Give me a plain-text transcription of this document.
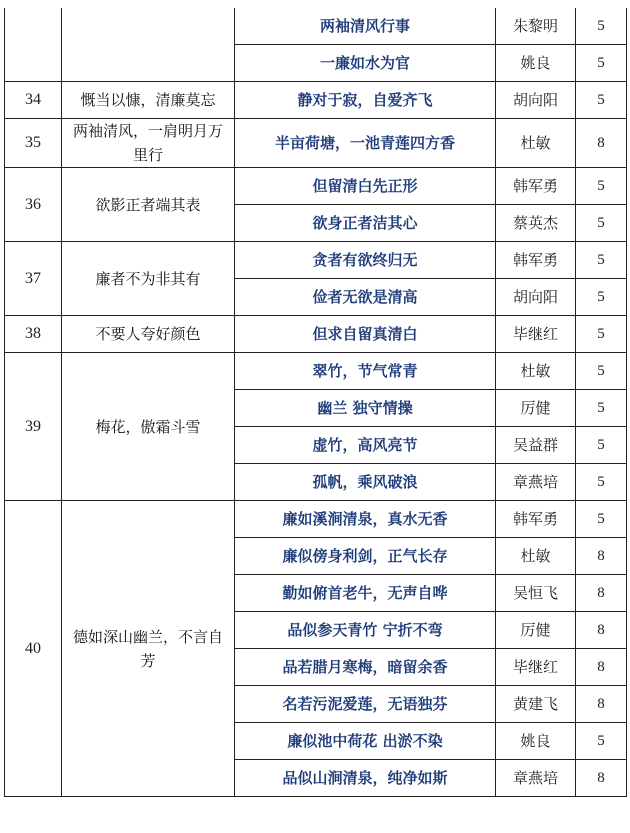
		两袖清风行事	朱黎明	5
		一廉如水为官	姚良	5
34	慨当以慷，清廉莫忘	静对于寂，自爱齐飞	胡向阳	5
35	两袖清风，一肩明月万里行	半亩荷塘，一池青莲四方香	杜敏	8
36	欲影正者端其表	但留清白先正形	韩军勇	5
		欲身正者洁其心	蔡英杰	5
37	廉者不为非其有	贪者有欲终归无	韩军勇	5
		俭者无欲是清高	胡向阳	5
38	不要人夸好颜色	但求自留真清白	毕继红	5
39	梅花，傲霜斗雪	翠竹，节气常青	杜敏	5
		幽兰 独守情操	厉健	5
		虚竹，高风亮节	吴益群	5
		孤帆，乘风破浪	章燕培	5
40	德如深山幽兰，不言自芳	廉如溪涧清泉，真水无香	韩军勇	5
		廉似傍身利剑，正气长存	杜敏	8
		勤如俯首老牛，无声自哗	吴恒飞	8
		品似参天青竹 宁折不弯	厉健	8
		品若腊月寒梅，暗留余香	毕继红	8
		名若污泥爱莲，无语独芬	黄建飞	8
		廉似池中荷花 出淤不染	姚良	5
		品似山涧清泉，纯净如斯	章燕培	8
